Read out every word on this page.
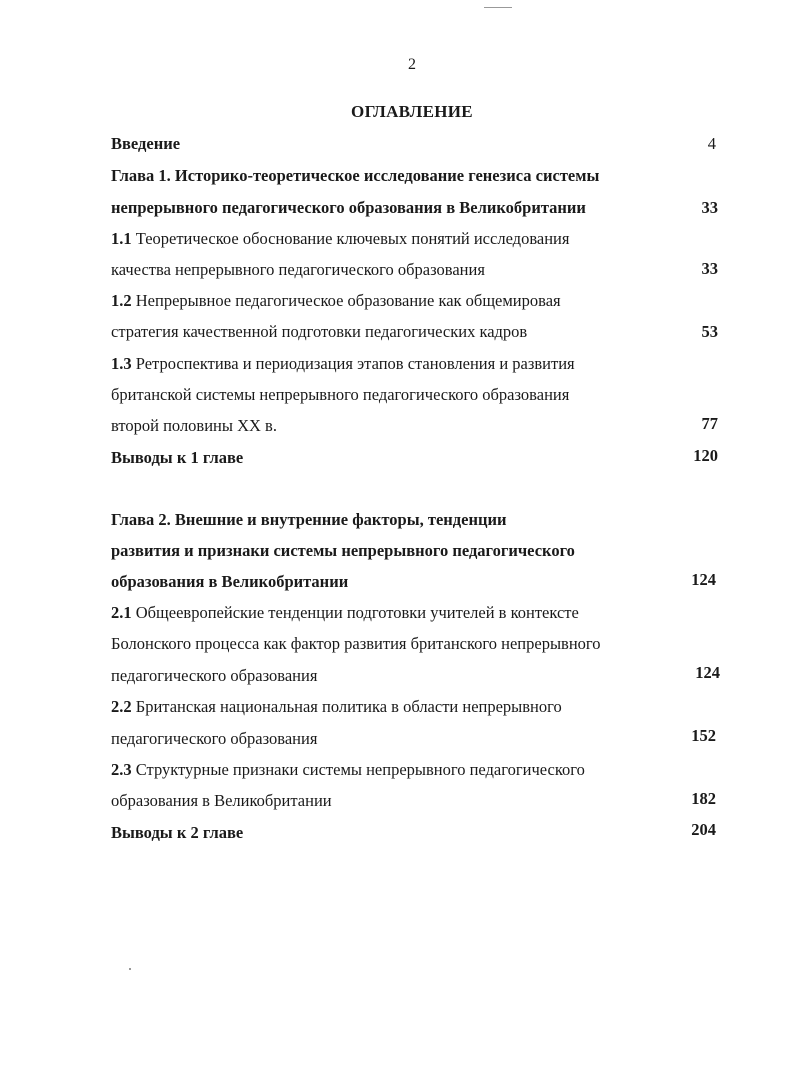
2
ОГЛАВЛЕНИЕ
Введение	4
Глава 1. Историко-теоретическое исследование генезиса системы
непрерывного педагогического образования в Великобритании	33
1.1 Теоретическое обоснование ключевых понятий исследования
качества непрерывного педагогического образования	33
1.2 Непрерывное педагогическое образование как общемировая
стратегия качественной подготовки педагогических кадров	53
1.3 Ретроспектива и периодизация этапов становления и развития
британской системы непрерывного педагогического образования
второй половины XX в.	77
Выводы к 1 главе	120
Глава 2. Внешние и внутренние факторы, тенденции
развития и признаки системы непрерывного педагогического
образования в Великобритании	124
2.1 Общеевропейские тенденции подготовки учителей в контексте
Болонского процесса как фактор развития британского непрерывного
педагогического образования	124
2.2 Британская национальная политика в области непрерывного
педагогического образования	152
2.3 Структурные признаки системы непрерывного педагогического
образования в Великобритании	182
Выводы к 2 главе	204
